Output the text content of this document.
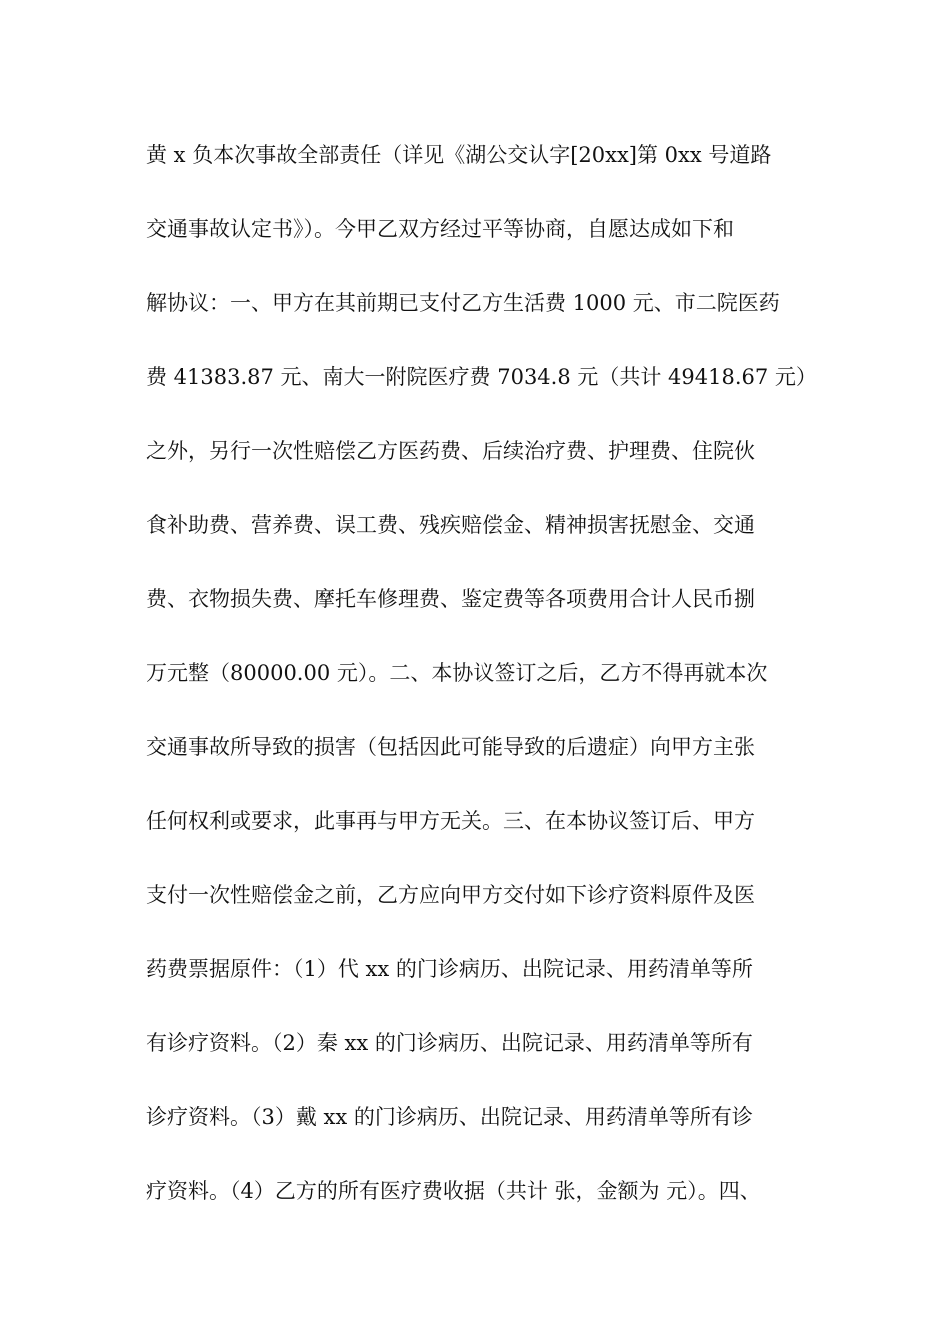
黄 x 负本次事故全部责任（详见《湖公交认字[20xx]第 0xx 号道路
交通事故认定书》）。今甲乙双方经过平等协商，自愿达成如下和
解协议：一、甲方在其前期已支付乙方生活费 1000 元、市二院医药
费 41383.87 元、南大一附院医疗费 7034.8 元（共计 49418.67 元）
之外，另行一次性赔偿乙方医药费、后续治疗费、护理费、住院伙
食补助费、营养费、误工费、残疾赔偿金、精神损害抚慰金、交通
费、衣物损失费、摩托车修理费、鉴定费等各项费用合计人民币捌
万元整（80000.00 元）。二、本协议签订之后，乙方不得再就本次
交通事故所导致的损害（包括因此可能导致的后遗症）向甲方主张
任何权利或要求，此事再与甲方无关。三、在本协议签订后、甲方
支付一次性赔偿金之前，乙方应向甲方交付如下诊疗资料原件及医
药费票据原件：（1）代 xx 的门诊病历、出院记录、用药清单等所
有诊疗资料。（2）秦 xx 的门诊病历、出院记录、用药清单等所有
诊疗资料。（3）戴 xx 的门诊病历、出院记录、用药清单等所有诊
疗资料。（4）乙方的所有医疗费收据（共计 张，金额为 元）。四、
